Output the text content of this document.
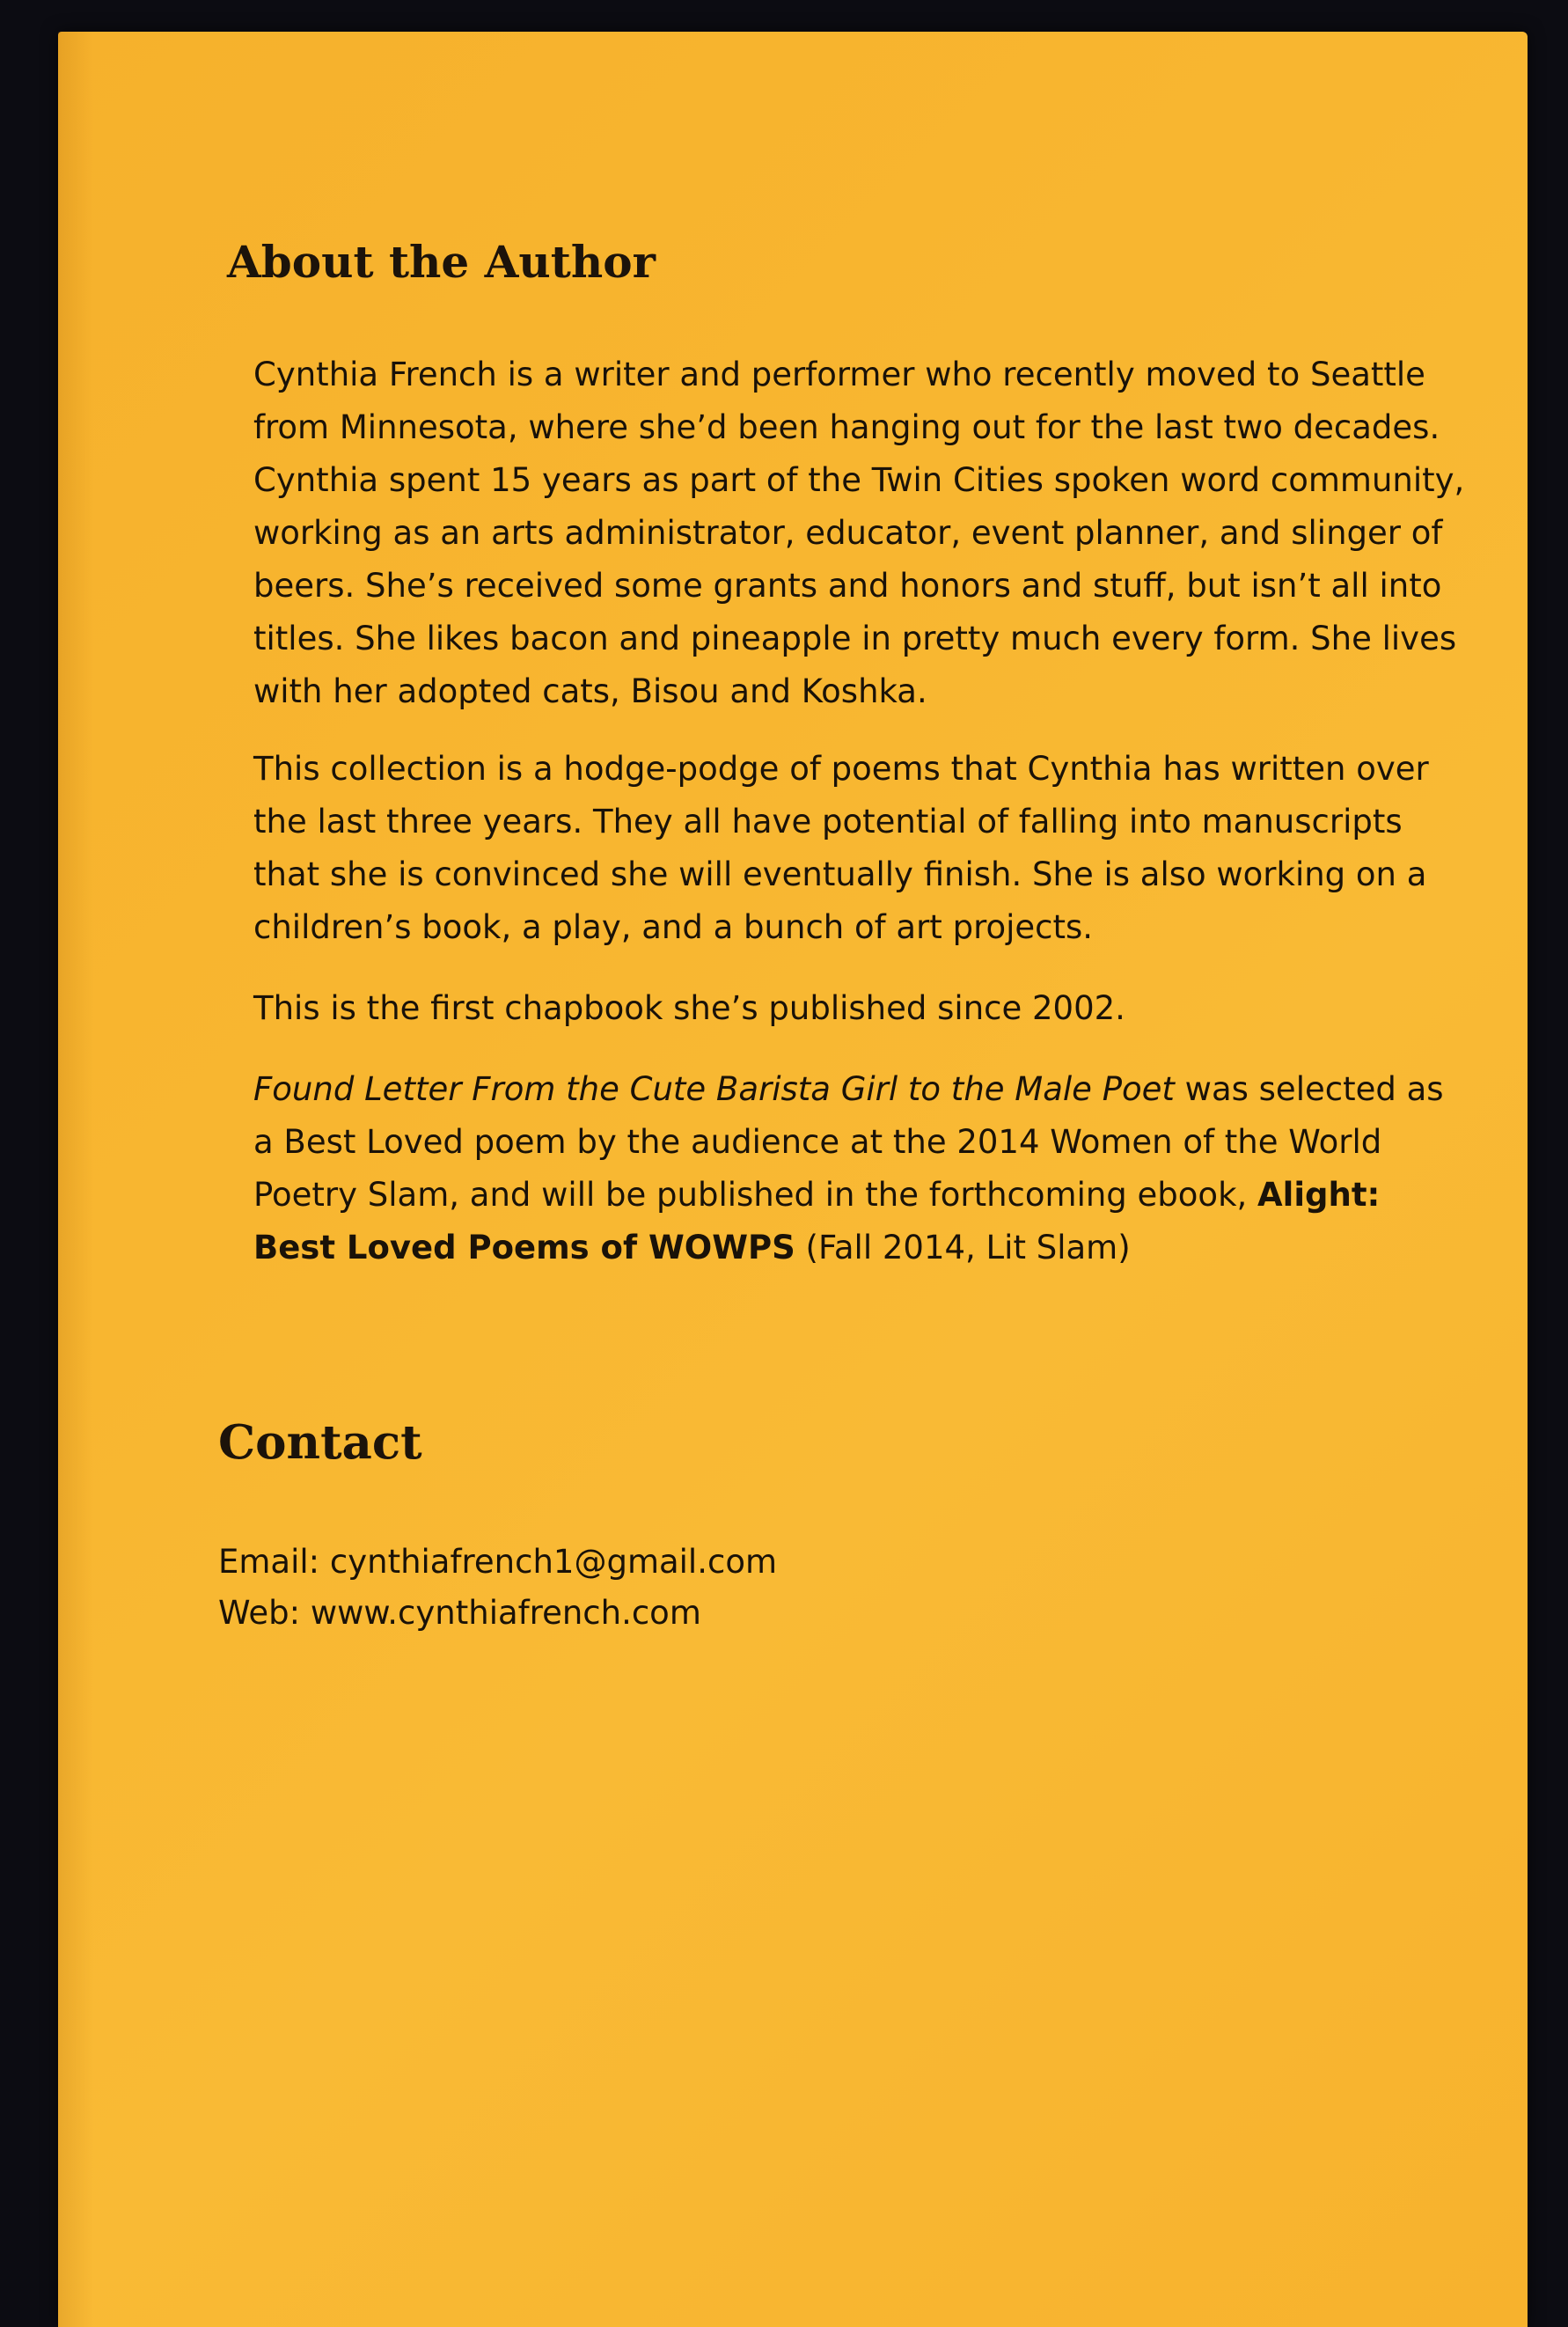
About the Author

Cynthia French is a writer and performer who recently moved to Seattle from Minnesota, where she’d been hanging out for the last two decades. Cynthia spent 15 years as part of the Twin Cities spoken word community, working as an arts administrator, educator, event planner, and slinger of beers. She’s received some grants and honors and stuff, but isn’t all into titles. She likes bacon and pineapple in pretty much every form. She lives with her adopted cats, Bisou and Koshka.

This collection is a hodge-podge of poems that Cynthia has written over the last three years. They all have potential of falling into manuscripts that she is convinced she will eventually finish. She is also working on a children’s book, a play, and a bunch of art projects.

This is the first chapbook she’s published since 2002.

Found Letter From the Cute Barista Girl to the Male Poet was selected as a Best Loved poem by the audience at the 2014 Women of the World Poetry Slam, and will be published in the forthcoming ebook, Alight: Best Loved Poems of WOWPS (Fall 2014, Lit Slam)

Contact
Email: cynthiafrench1@gmail.com
Web: www.cynthiafrench.com
